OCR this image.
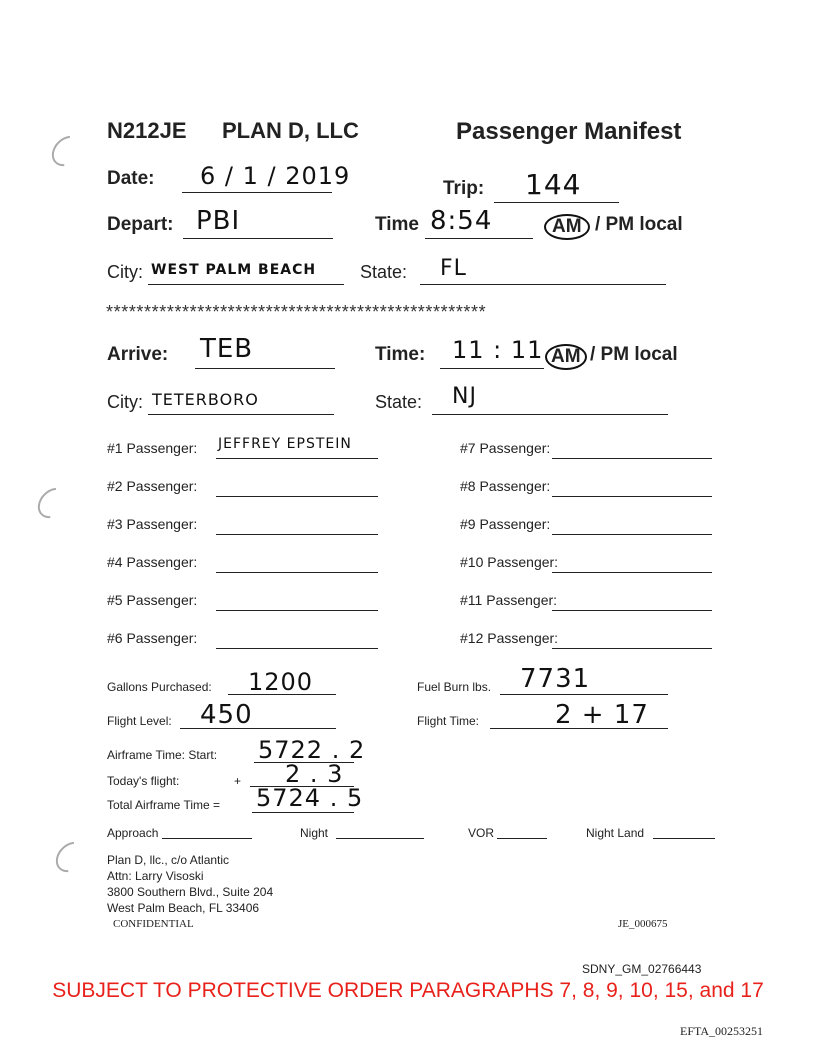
N212JE PLAN D, LLC	Passenger Manifest
Date: 6 / 1 / 2019	Trip: 144
Depart: PBI	Time 8:54	AM / PM local
City: WEST PALM BEACH State: FL
**************************************************
Arrive: TEB	Time: 11 : 11 AM / PM local
City: TETERBORO	State: NJ
#1 Passenger: JEFFREY EPSTEIN
#2 Passenger:
#3 Passenger:
#4 Passenger:
#5 Passenger:
#6 Passenger:
#7 Passenger:
#8 Passenger:
#9 Passenger:
#10 Passenger:
#11 Passenger:
#12 Passenger:
Gallons Purchased: 1200	Fuel Burn lbs. 7731
Flight Level: 450	Flight Time:	2 + 17
Airframe Time: Start: 5722 . 2
Today's flight:	+ 2 . 3
Total Airframe Time = 5724 . 5
Approach	Night	VOR	Night Land
Plan D, llc., c/o Atlantic
Attn: Larry Visoski
3800 Southern Blvd., Suite 204
West Palm Beach, FL 33406
CONFIDENTIAL	JE_000675
SDNY_GM_02766443
SUBJECT TO PROTECTIVE ORDER PARAGRAPHS 7, 8, 9, 10, 15, and 17
EFTA_00253251
